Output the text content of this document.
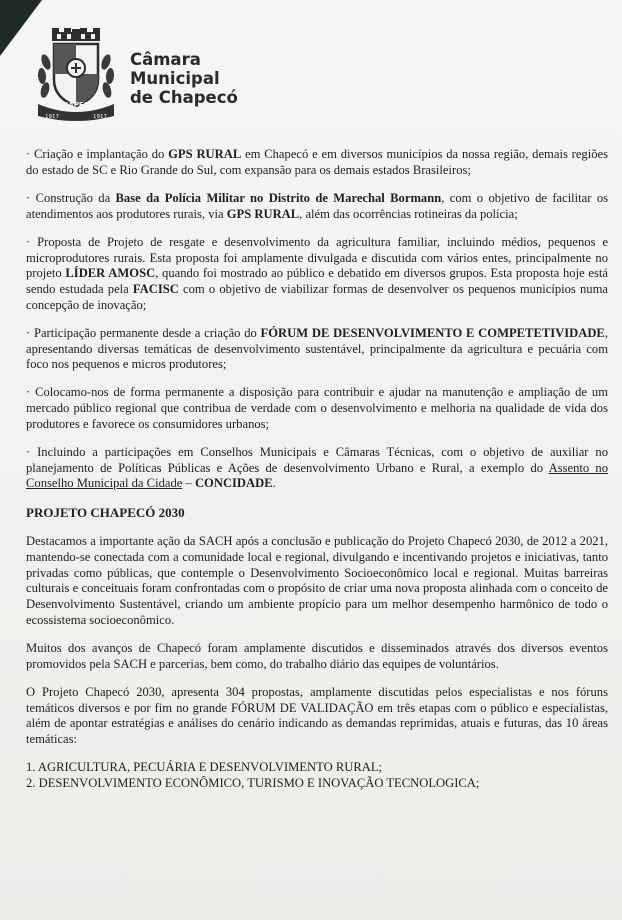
CHAPECÓ
1917	1917
Câmara
Municipal
de Chapecó

· Criação e implantação do GPS RURAL em Chapecó e em diversos municípios da nossa região, demais regiões do estado de SC e Rio Grande do Sul, com expansão para os demais estados Brasileiros;

· Construção da Base da Polícia Militar no Distrito de Marechal Bormann, com o objetivo de facilitar os atendimentos aos produtores rurais, via GPS RURAL, além das ocorrências rotineiras da polícia;

· Proposta de Projeto de resgate e desenvolvimento da agricultura familiar, incluindo médios, pequenos e microprodutores rurais. Esta proposta foi amplamente divulgada e discutida com vários entes, principalmente no projeto LÍDER AMOSC, quando foi mostrado ao público e debatido em diversos grupos. Esta proposta hoje está sendo estudada pela FACISC com o objetivo de viabilizar formas de desenvolver os pequenos municípios numa concepção de inovação;

· Participação permanente desde a criação do FÓRUM DE DESENVOLVIMENTO E COMPETETIVIDADE, apresentando diversas temáticas de desenvolvimento sustentável, principalmente da agricultura e pecuária com foco nos pequenos e micros produtores;

· Colocamo-nos de forma permanente a disposição para contribuir e ajudar na manutenção e ampliação de um mercado público regional que contribua de verdade com o desenvolvimento e melhoria na qualidade de vida dos produtores e favorece os consumidores urbanos;

· Incluindo a participações em Conselhos Municipais e Câmaras Técnicas, com o objetivo de auxiliar no planejamento de Políticas Públicas e Ações de desenvolvimento Urbano e Rural, a exemplo do Assento no Conselho Municipal da Cidade – CONCIDADE.

PROJETO CHAPECÓ 2030

Destacamos a importante ação da SACH após a conclusão e publicação do Projeto Chapecó 2030, de 2012 a 2021, mantendo-se conectada com a comunidade local e regional, divulgando e incentivando projetos e iniciativas, tanto privadas como públicas, que contemple o Desenvolvimento Socioeconômico local e regional. Muitas barreiras culturais e conceituais foram confrontadas com o propósito de criar uma nova proposta alinhada com o conceito de Desenvolvimento Sustentável, criando um ambiente propício para um melhor desempenho harmônico de todo o ecossistema socioeconômico.

Muitos dos avanços de Chapecó foram amplamente discutidos e disseminados através dos diversos eventos promovidos pela SACH e parcerias, bem como, do trabalho diário das equipes de voluntários.

O Projeto Chapecó 2030, apresenta 304 propostas, amplamente discutidas pelos especialistas e nos fóruns temáticos diversos e por fim no grande FÓRUM DE VALIDAÇÃO em três etapas com o público e especialistas, além de apontar estratégias e análises do cenário indicando as demandas reprimidas, atuais e futuras, das 10 áreas temáticas:

1. AGRICULTURA, PECUÁRIA E DESENVOLVIMENTO RURAL;
2. DESENVOLVIMENTO ECONÔMICO, TURISMO E INOVAÇÃO TECNOLOGICA;
